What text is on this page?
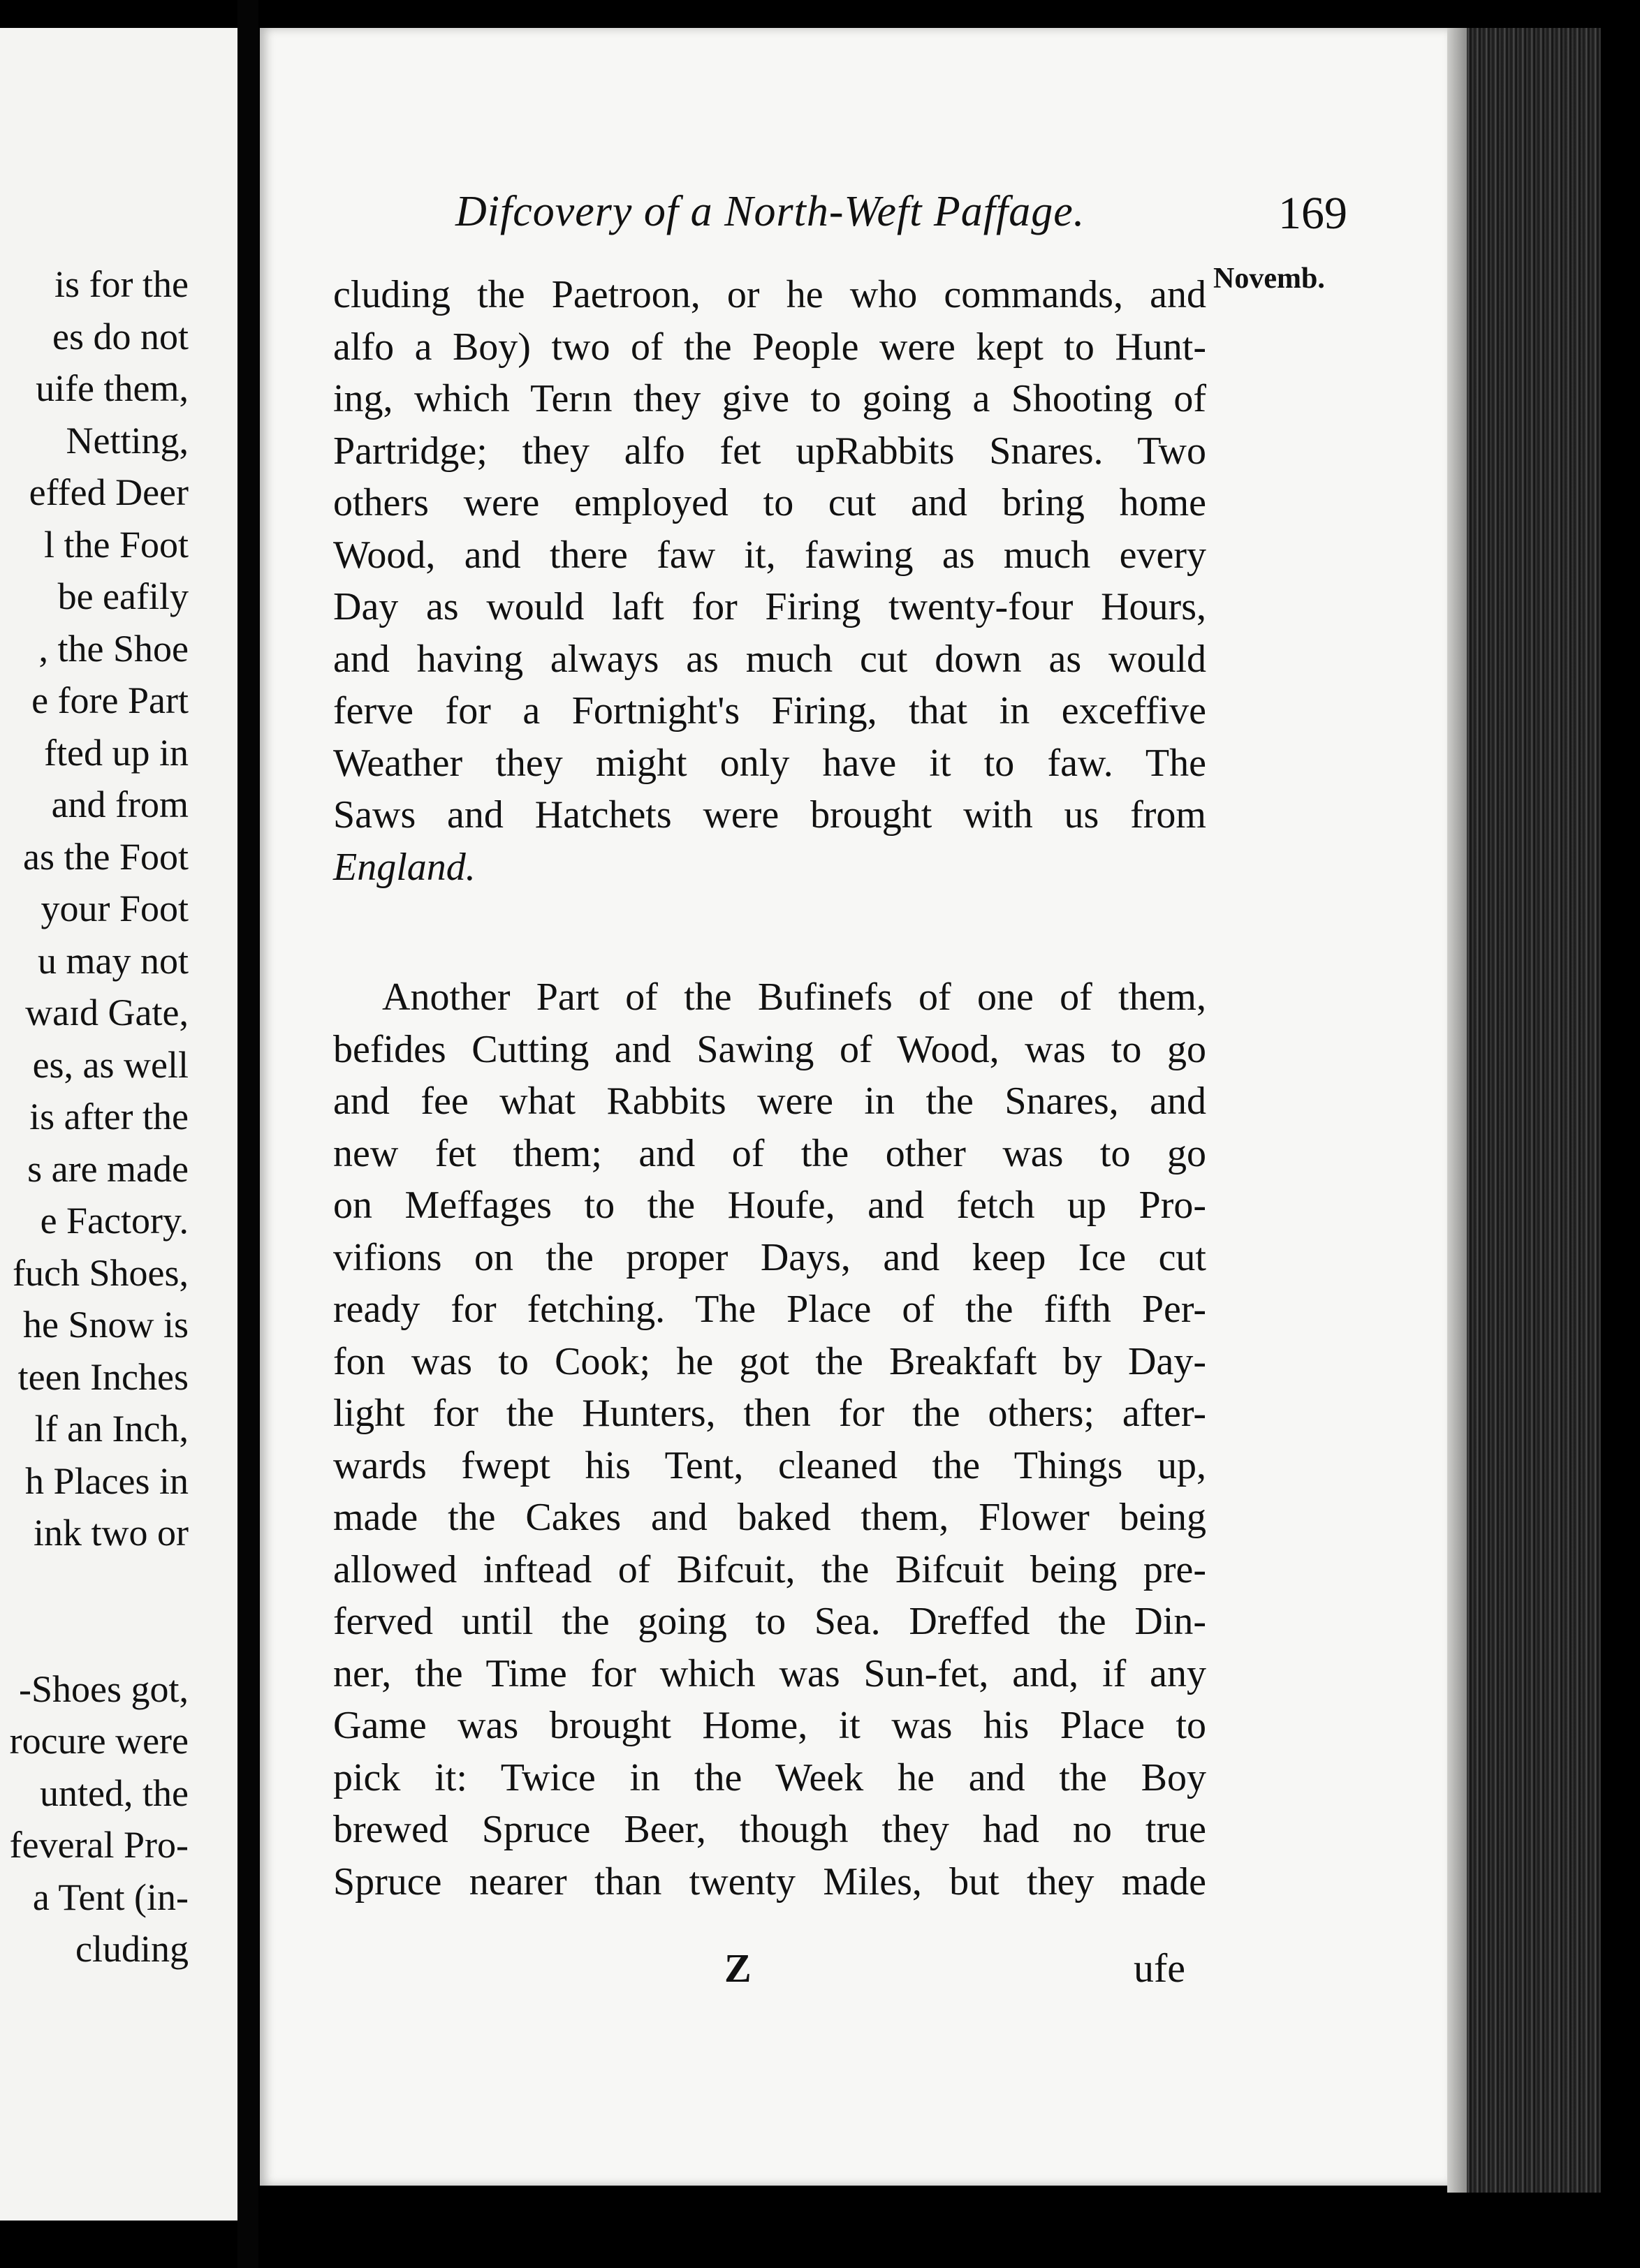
is for the
es do not
uife them,
Netting,
effed Deer
l the Foot
be eafily
, the Shoe
e fore Part
fted up in
and from
as the Foot
your Foot
u may not
waɪd Gate,
es, as well
is after the
s are made
e Factory.
fuch Shoes,
he Snow is
teen Inches
lf an Inch,
h Places in
ink two or
-Shoes got,
rocure were
unted, the
feveral Pro-
a Tent (in-
cluding
Difcovery of a North-Weft Paffage.	169
Novemb.
cluding the Paetroon, or he who commands, and
alfo a Boy) two of the People were kept to Hunt-
ing, which Terın they give to going a Shooting of
Partridge; they alfo fet upRabbits Snares. Two
others were employed to cut and bring home
Wood, and there faw it, fawing as much every
Day as would laft for Firing twenty-four Hours,
and having always as much cut down as would
ferve for a Fortnight's Firing, that in exceffive
Weather they might only have it to faw. The
Saws and Hatchets were brought with us from
England.
Another Part of the Bufinefs of one of them,
befides Cutting and Sawing of Wood, was to go
and fee what Rabbits were in the Snares, and
new fet them; and of the other was to go
on Meffages to the Houfe, and fetch up Pro-
vifions on the proper Days, and keep Ice cut
ready for fetching. The Place of the fifth Per-
fon was to Cook; he got the Breakfaft by Day-
light for the Hunters, then for the others; after-
wards fwept his Tent, cleaned the Things up,
made the Cakes and baked them, Flower being
allowed inftead of Bifcuit, the Bifcuit being pre-
ferved until the going to Sea. Dreffed the Din-
ner, the Time for which was Sun-fet, and, if any
Game was brought Home, it was his Place to
pick it: Twice in the Week he and the Boy
brewed Spruce Beer, though they had no true
Spruce nearer than twenty Miles, but they made
Z	ufe
